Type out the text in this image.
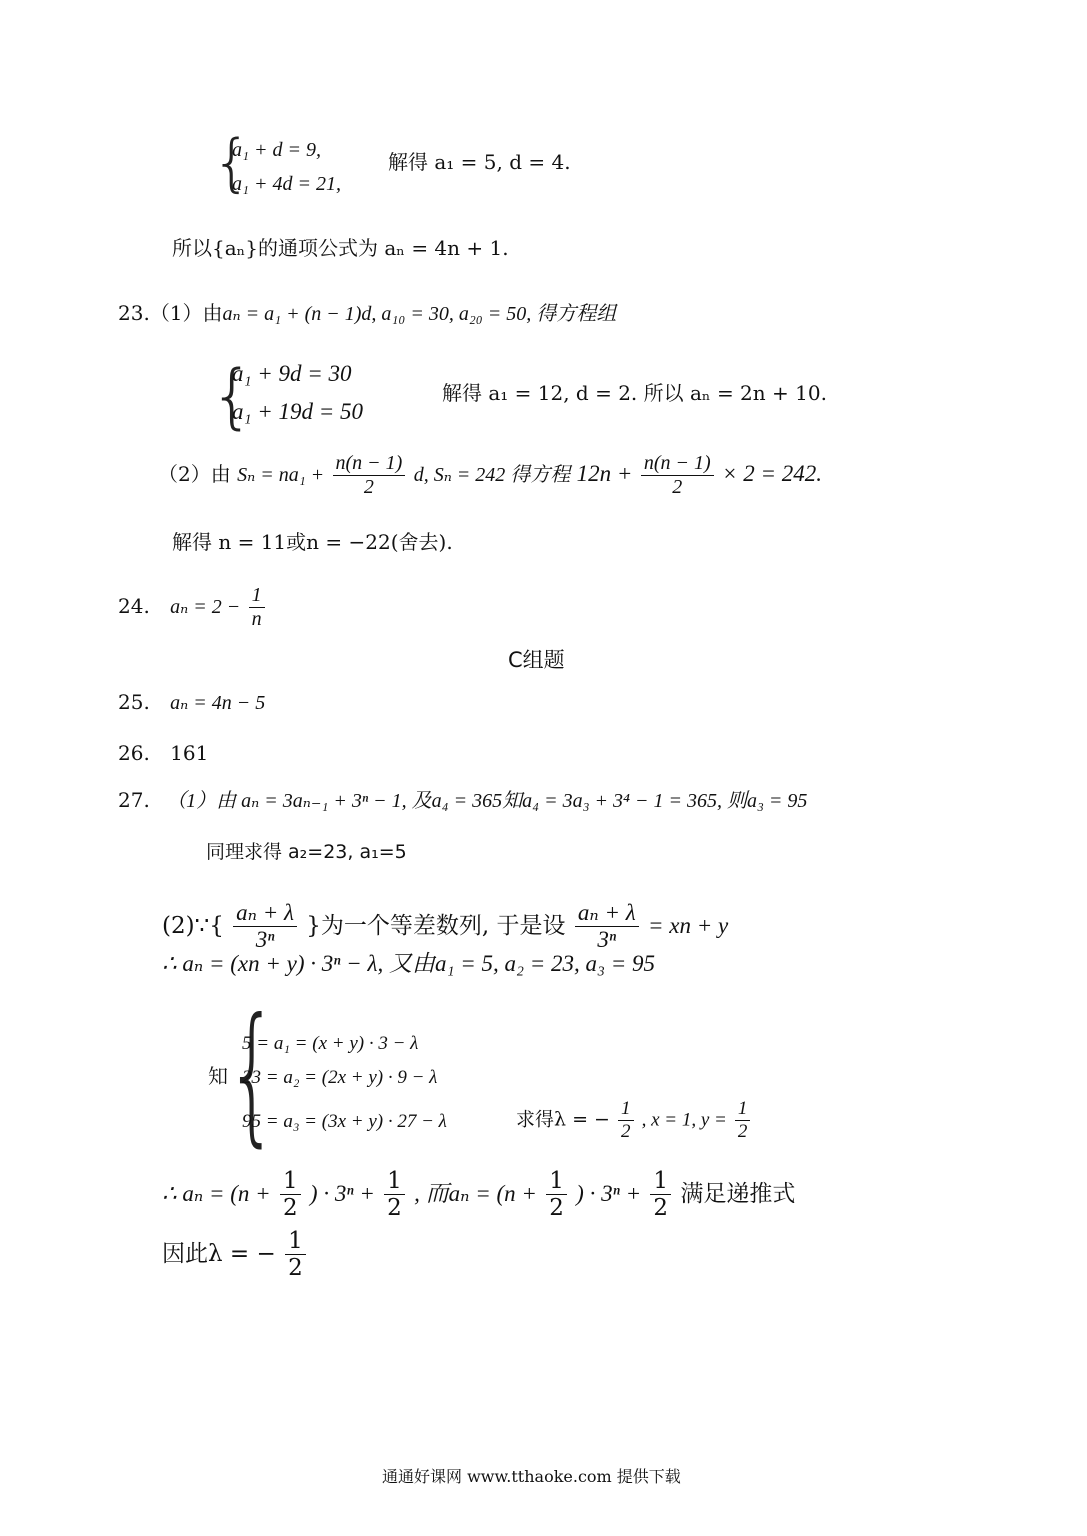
{
a₁ + d = 9,
a₁ + 4d = 21,
解得 a₁ = 5, d = 4.
所以{aₙ}的通项公式为 aₙ = 4n + 1.
23.（1）由aₙ = a₁ + (n − 1)d, a₁₀ = 30, a₂₀ = 50, 得方程组
{
a₁ + 9d = 30
a₁ + 19d = 50
解得 a₁ = 12, d = 2. 所以 aₙ = 2n + 10.
（2）由 $S_n = na_1 + \frac{n(n - 1)}{2} d$, Sₙ = 242 得方程 $12n + \frac{n(n - 1)}{2} \times 2 = 242$.
解得 n = 11或n = −22(舍去).
24. $a_n = 2 - \frac{1}{n}$
C组题
25. aₙ = 4n − 5
26. 161
27. （1）由 aₙ = 3aₙ₋₁ + 3ⁿ − 1, 及a₄ = 365知a₄ = 3a₃ + 3⁴ − 1 = 365, 则a₃ = 95
同理求得 a₂=23, a₁=5
(2)∵{ $\frac{\text{aₙ + λ}}{\text{3ⁿ}}$ }为一个等差数列, 于是设 $\frac{\text{aₙ + λ}}{\text{3ⁿ}}$ = xn + y
∴ aₙ = (xn + y) · 3ⁿ − λ, 又由a₁ = 5, a₂ = 23, a₃ = 95
知
{
5 = a₁ = (x + y) · 3 − λ
23 = a₂ = (2x + y) · 9 − λ
95 = a₃ = (3x + y) · 27 − λ	求得λ = − $\frac{1}{2}$ , x = 1, $y = \frac{1}{2}$
∴ $a_n = (n + \frac{1}{2}$ ) · $3^n + \frac{1}{2}$ , 而$a_n = (n + \frac{1}{2}$ ) · $3^n + \frac{1}{2}$ 满足递推式
因此λ = − $\frac{1}{2}$
通通好课网 www.tthaoke.com 提供下载
